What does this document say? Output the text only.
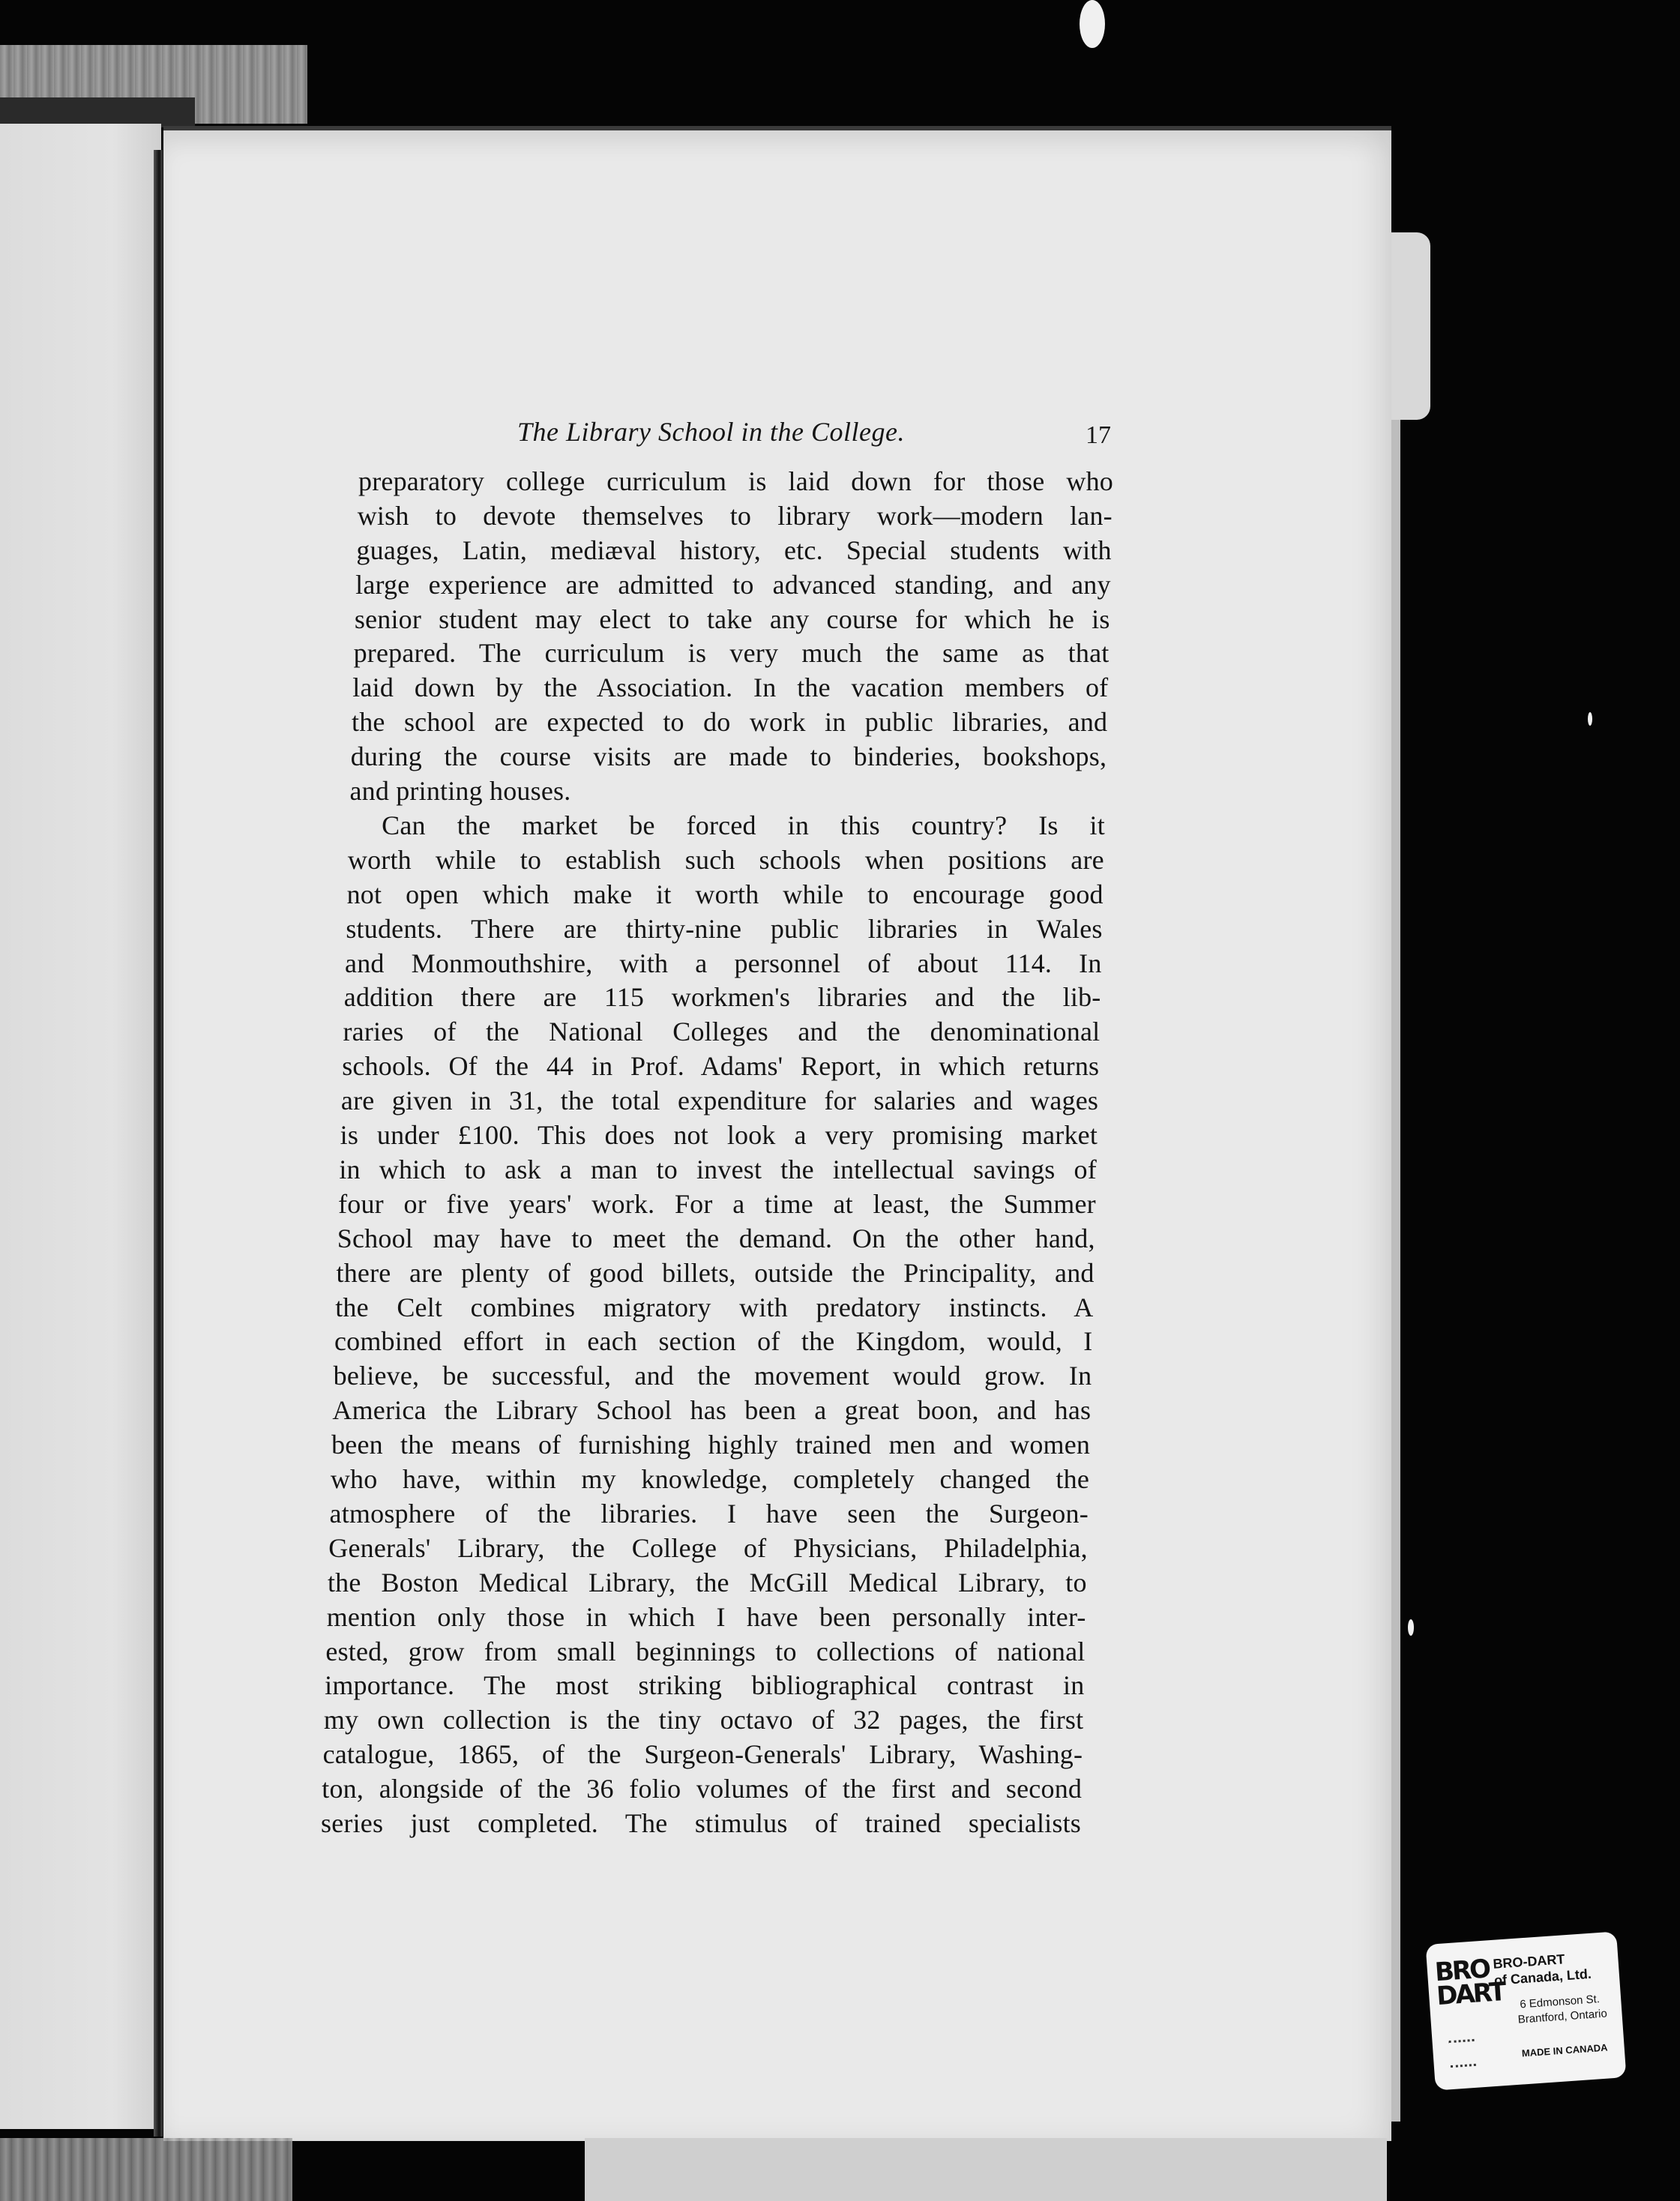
The Library School in the College.	17
preparatory college curriculum is laid down for those who
wish to devote themselves to library work—modern lan-
guages, Latin, mediæval history, etc. Special students with
large experience are admitted to advanced standing, and any
senior student may elect to take any course for which he is
prepared. The curriculum is very much the same as that
laid down by the Association. In the vacation members of
the school are expected to do work in public libraries, and
during the course visits are made to binderies, bookshops,
and printing houses.
Can the market be forced in this country? Is it
worth while to establish such schools when positions are
not open which make it worth while to encourage good
students. There are thirty-nine public libraries in Wales
and Monmouthshire, with a personnel of about 114. In
addition there are 115 workmen's libraries and the lib-
raries of the National Colleges and the denominational
schools. Of the 44 in Prof. Adams' Report, in which returns
are given in 31, the total expenditure for salaries and wages
is under £100. This does not look a very promising market
in which to ask a man to invest the intellectual savings of
four or five years' work. For a time at least, the Summer
School may have to meet the demand. On the other hand,
there are plenty of good billets, outside the Principality, and
the Celt combines migratory with predatory instincts. A
combined effort in each section of the Kingdom, would, I
believe, be successful, and the movement would grow. In
America the Library School has been a great boon, and has
been the means of furnishing highly trained men and women
who have, within my knowledge, completely changed the
atmosphere of the libraries. I have seen the Surgeon-
Generals' Library, the College of Physicians, Philadelphia,
the Boston Medical Library, the McGill Medical Library, to
mention only those in which I have been personally inter-
ested, grow from small beginnings to collections of national
importance. The most striking bibliographical contrast in
my own collection is the tiny octavo of 32 pages, the first
catalogue, 1865, of the Surgeon-Generals' Library, Washing-
ton, alongside of the 36 folio volumes of the first and second
series just completed. The stimulus of trained specialists
BRO DART
BRO-DART
of Canada, Ltd.
6 Edmonson St.
Brantford, Ontario
MADE IN CANADA
